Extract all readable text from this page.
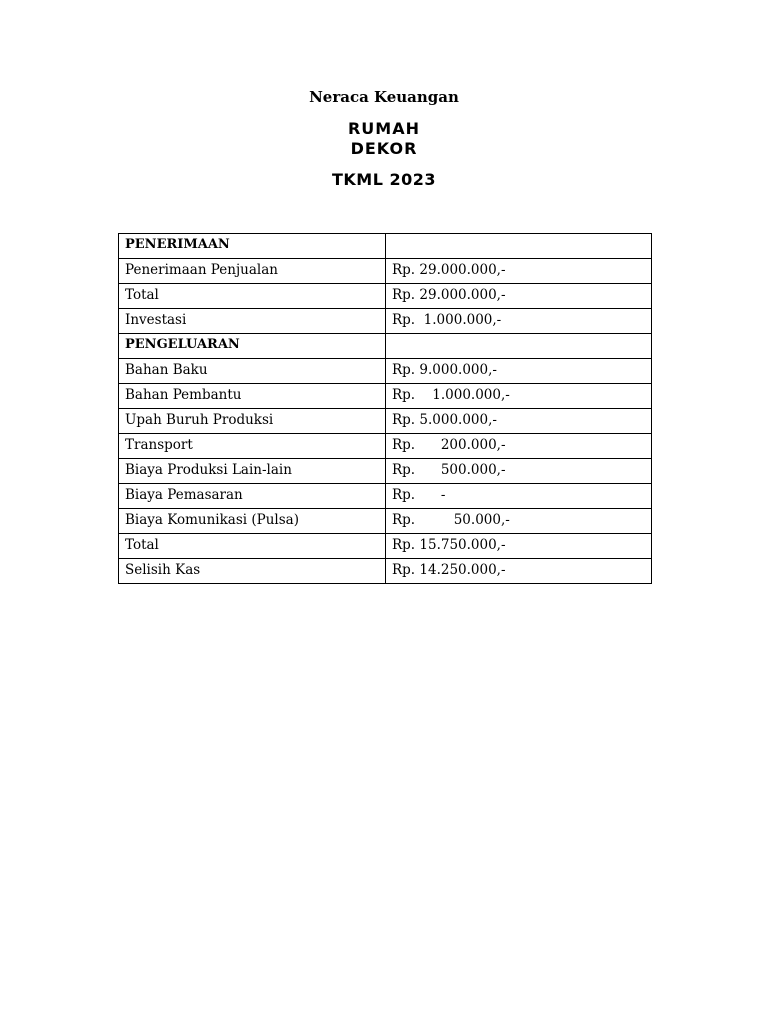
Neraca Keuangan
RUMAH
DEKOR
TKML 2023
PENERIMAAN	
Penerimaan Penjualan	Rp. 29.000.000,-
Total	Rp. 29.000.000,-
Investasi	Rp.  1.000.000,-
PENGELUARAN	
Bahan Baku	Rp. 9.000.000,-
Bahan Pembantu	Rp.    1.000.000,-
Upah Buruh Produksi	Rp. 5.000.000,-
Transport	Rp.      200.000,-
Biaya Produksi Lain-lain	Rp.      500.000,-
Biaya Pemasaran	Rp.      -
Biaya Komunikasi (Pulsa)	Rp.         50.000,-
Total	Rp. 15.750.000,-
Selisih Kas	Rp. 14.250.000,-
